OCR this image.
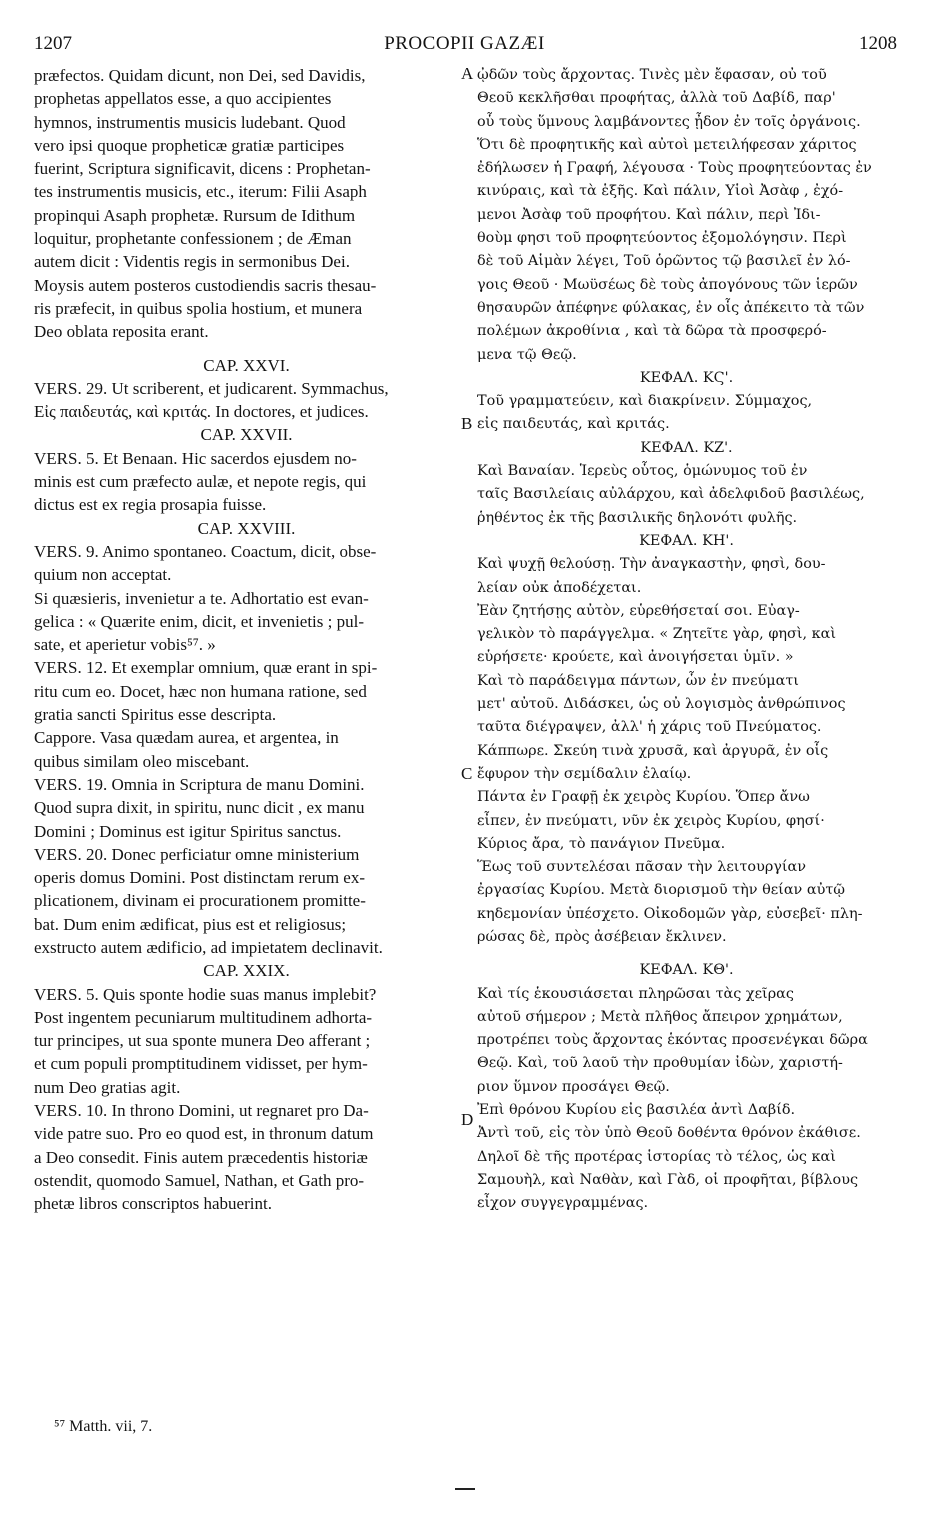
1207	PROCOPII GAZÆI	1208
præfectos. Quidam dicunt, non Dei, sed Davidis,
prophetas appellatos esse, a quo accipientes
hymnos, instrumentis musicis ludebant. Quod
vero ipsi quoque propheticæ gratiæ participes
fuerint, Scriptura significavit, dicens : Prophetan-
tes instrumentis musicis, etc., iterum: Filii Asaph
propinqui Asaph prophetæ. Rursum de Idithum
loquitur, prophetante confessionem ; de Æman
autem dicit : Videntis regis in sermonibus Dei.
Moysis autem posteros custodiendis sacris thesau-
ris præfecit, in quibus spolia hostium, et munera
Deo oblata reposita erant.
CAP. XXVI.
VERS. 29. Ut scriberent, et judicarent. Symmachus,
Εἰς παιδευτάς, καὶ κριτάς. In doctores, et judices.
CAP. XXVII.
VERS. 5. Et Benaan. Hic sacerdos ejusdem no-
minis est cum præfecto aulæ, et nepote regis, qui
dictus est ex regia prosapia fuisse.
CAP. XXVIII.
VERS. 9. Animo spontaneo. Coactum, dicit, obse-
quium non acceptat.
Si quæsieris, invenietur a te. Adhortatio est evan-
gelica : « Quærite enim, dicit, et invenietis ; pul-
sate, et aperietur vobis⁵⁷. »
VERS. 12. Et exemplar omnium, quæ erant in spi-
ritu cum eo. Docet, hæc non humana ratione, sed
gratia sancti Spiritus esse descripta.
Cappore. Vasa quædam aurea, et argentea, in
quibus similam oleo miscebant.
VERS. 19. Omnia in Scriptura de manu Domini.
Quod supra dixit, in spiritu, nunc dicit , ex manu
Domini ; Dominus est igitur Spiritus sanctus.
VERS. 20. Donec perficiatur omne ministerium
operis domus Domini. Post distinctam rerum ex-
plicationem, divinam ei procurationem promitte-
bat. Dum enim ædificat, pius est et religiosus;
exstructo autem ædificio, ad impietatem declinavit.
CAP. XXIX.
VERS. 5. Quis sponte hodie suas manus implebit?
Post ingentem pecuniarum multitudinem adhorta-
tur principes, ut sua sponte munera Deo afferant ;
et cum populi promptitudinem vidisset, per hym-
num Deo gratias agit.
VERS. 10. In throno Domini, ut regnaret pro Da-
vide patre suo. Pro eo quod est, in thronum datum
a Deo consedit. Finis autem præcedentis historiæ
ostendit, quomodo Samuel, Nathan, et Gath pro-
phetæ libros conscriptos habuerint.
ᾠδῶν τοὺς ἄρχοντας. Τινὲς μὲν ἔφασαν, οὐ τοῦ
Θεοῦ κεκλῆσθαι προφήτας, ἀλλὰ τοῦ Δαβίδ, παρ'
οὗ τοὺς ὕμνους λαμβάνοντες ᾖδον ἐν τοῖς ὀργάνοις.
Ὅτι δὲ προφητικῆς καὶ αὐτοὶ μετειλήφεσαν χάριτος
ἐδήλωσεν ἡ Γραφή, λέγουσα · Τοὺς προφητεύοντας ἐν
κινύραις, καὶ τὰ ἑξῆς. Καὶ πάλιν, Υἱοὶ Ἀσὰφ , ἐχό-
μενοι Ἀσὰφ τοῦ προφήτου. Καὶ πάλιν, περὶ Ἰδι-
θοὺμ φησι τοῦ προφητεύοντος ἐξομολόγησιν. Περὶ
δὲ τοῦ Αἱμὰν λέγει, Τοῦ ὁρῶντος τῷ βασιλεῖ ἐν λό-
γοις Θεοῦ · Μωϋσέως δὲ τοὺς ἀπογόνους τῶν ἱερῶν
θησαυρῶν ἀπέφηνε φύλακας, ἐν οἷς ἀπέκειτο τὰ τῶν
πολέμων ἀκροθίνια , καὶ τὰ δῶρα τὰ προσφερό-
μενα τῷ Θεῷ.
ΚΕΦΑΛ. ΚϚ'.
Τοῦ γραμματεύειν, καὶ διακρίνειν. Σύμμαχος,
εἰς παιδευτάς, καὶ κριτάς.
ΚΕΦΑΛ. ΚΖ'.
Καὶ Βαναίαν. Ἱερεὺς οὗτος, ὁμώνυμος τοῦ ἐν
ταῖς Βασιλείαις αὐλάρχου, καὶ ἀδελφιδοῦ βασιλέως,
ῥηθέντος ἐκ τῆς βασιλικῆς δηλονότι φυλῆς.
ΚΕΦΑΛ. ΚΗ'.
Καὶ ψυχῇ θελούσῃ. Τὴν ἀναγκαστὴν, φησὶ, δου-
λείαν οὐκ ἀποδέχεται.
Ἐὰν ζητήσῃς αὐτὸν, εὑρεθήσεταί σοι. Εὐαγ-
γελικὸν τὸ παράγγελμα. « Ζητεῖτε γὰρ, φησὶ, καὶ
εὑρήσετε· κρούετε, καὶ ἀνοιγήσεται ὑμῖν. »
Καὶ τὸ παράδειγμα πάντων, ὧν ἐν πνεύματι
μετ' αὐτοῦ. Διδάσκει, ὡς οὐ λογισμὸς ἀνθρώπινος
ταῦτα διέγραψεν, ἀλλ' ἡ χάρις τοῦ Πνεύματος.
Κάππωρε. Σκεύη τινὰ χρυσᾶ, καὶ ἀργυρᾶ, ἐν οἷς
ἔφυρον τὴν σεμίδαλιν ἐλαίῳ.
Πάντα ἐν Γραφῇ ἐκ χειρὸς Κυρίου. Ὅπερ ἄνω
εἶπεν, ἐν πνεύματι, νῦν ἐκ χειρὸς Κυρίου, φησί·
Κύριος ἄρα, τὸ πανάγιον Πνεῦμα.
Ἕως τοῦ συντελέσαι πᾶσαν τὴν λειτουργίαν
ἐργασίας Κυρίου. Μετὰ διορισμοῦ τὴν θείαν αὐτῷ
κηδεμονίαν ὑπέσχετο. Οἰκοδομῶν γὰρ, εὐσεβεῖ· πλη-
ρώσας δὲ, πρὸς ἀσέβειαν ἔκλινεν.
ΚΕΦΑΛ. ΚΘ'.
Καὶ τίς ἑκουσιάσεται πληρῶσαι τὰς χεῖρας
αὐτοῦ σήμερον ; Μετὰ πλῆθος ἄπειρον χρημάτων,
προτρέπει τοὺς ἄρχοντας ἑκόντας προσενέγκαι δῶρα
Θεῷ. Καὶ, τοῦ λαοῦ τὴν προθυμίαν ἰδὼν, χαριστή-
ριον ὕμνον προσάγει Θεῷ.
Ἐπὶ θρόνου Κυρίου εἰς βασιλέα ἀντὶ Δαβίδ.
Ἀντὶ τοῦ, εἰς τὸν ὑπὸ Θεοῦ δοθέντα θρόνον ἐκάθισε.
Δηλοῖ δὲ τῆς προτέρας ἱστορίας τὸ τέλος, ὡς καὶ
Σαμουὴλ, καὶ Ναθὰν, καὶ Γὰδ, οἱ προφῆται, βίβλους
εἶχον συγγεγραμμένας.
A
B
C
D
⁵⁷ Matth. vii, 7.
